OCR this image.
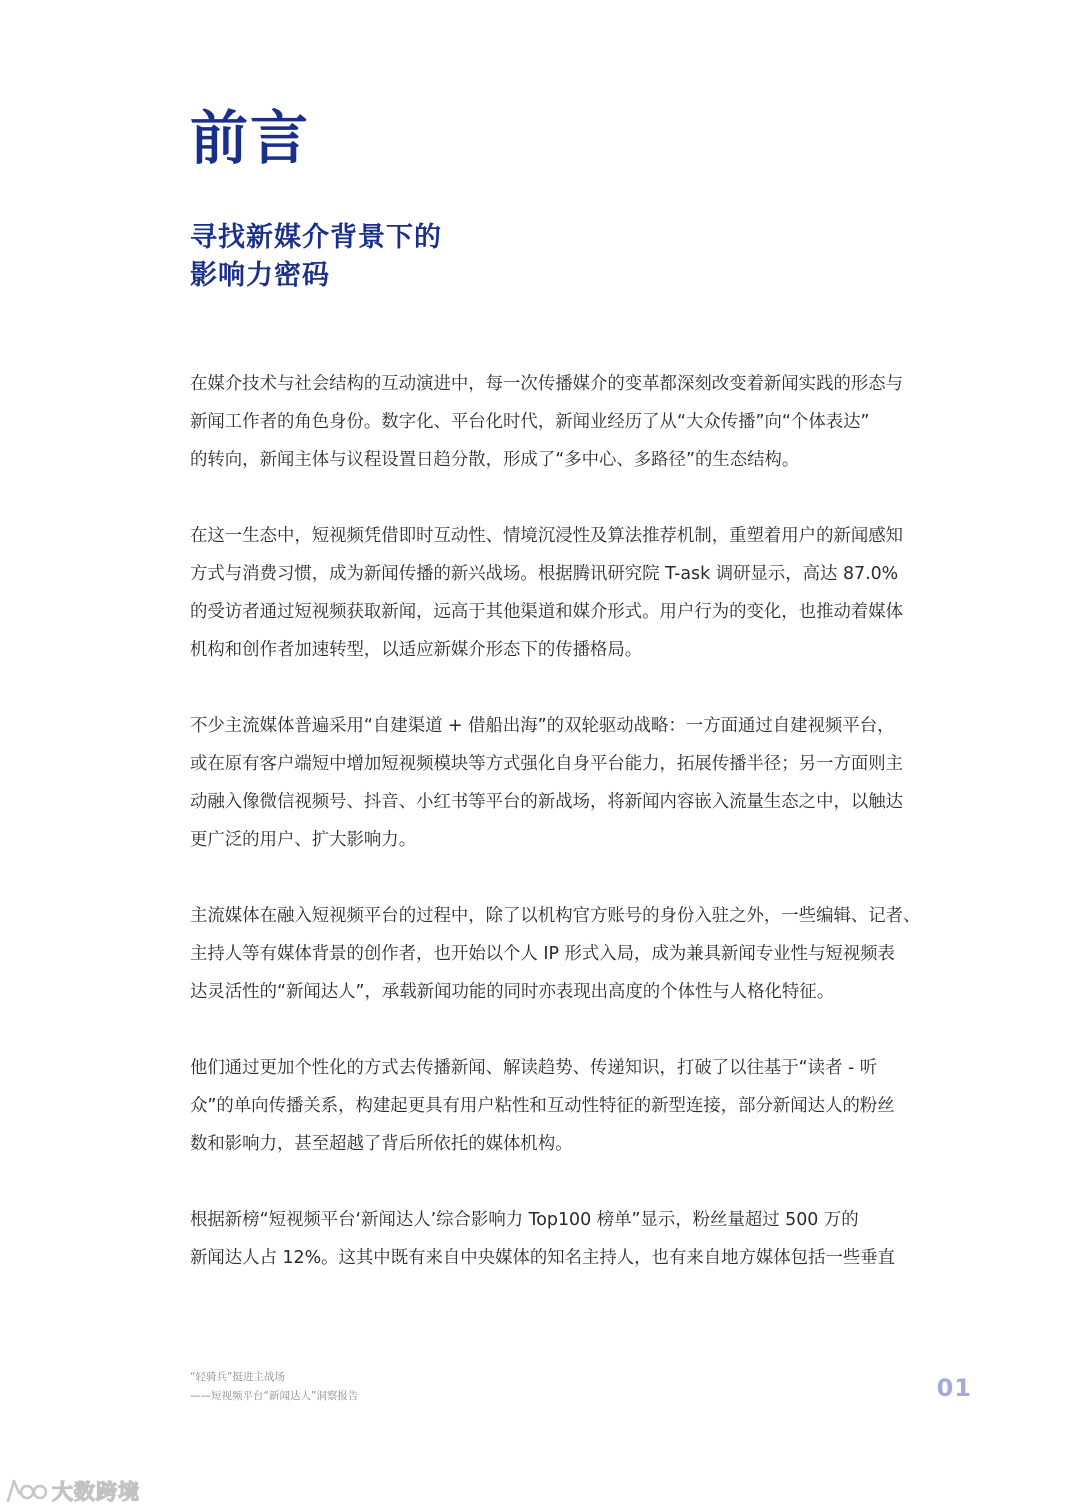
前言
寻找新媒介背景下的
影响力密码

在媒介技术与社会结构的互动演进中，每一次传播媒介的变革都深刻改变着新闻实践的形态与
新闻工作者的角色身份。数字化、平台化时代，新闻业经历了从“大众传播”向“个体表达”
的转向，新闻主体与议程设置日趋分散，形成了“多中心、多路径”的生态结构。

在这一生态中，短视频凭借即时互动性、情境沉浸性及算法推荐机制，重塑着用户的新闻感知
方式与消费习惯，成为新闻传播的新兴战场。根据腾讯研究院 T-ask 调研显示，高达 87.0%
的受访者通过短视频获取新闻，远高于其他渠道和媒介形式。用户行为的变化，也推动着媒体
机构和创作者加速转型，以适应新媒介形态下的传播格局。

不少主流媒体普遍采用“自建渠道 + 借船出海”的双轮驱动战略：一方面通过自建视频平台，
或在原有客户端短中增加短视频模块等方式强化自身平台能力，拓展传播半径；另一方面则主
动融入像微信视频号、抖音、小红书等平台的新战场，将新闻内容嵌入流量生态之中，以触达
更广泛的用户、扩大影响力。

主流媒体在融入短视频平台的过程中，除了以机构官方账号的身份入驻之外，一些编辑、记者、
主持人等有媒体背景的创作者，也开始以个人 IP 形式入局，成为兼具新闻专业性与短视频表
达灵活性的“新闻达人”，承载新闻功能的同时亦表现出高度的个体性与人格化特征。

他们通过更加个性化的方式去传播新闻、解读趋势、传递知识，打破了以往基于“读者 - 听
众”的单向传播关系，构建起更具有用户粘性和互动性特征的新型连接，部分新闻达人的粉丝
数和影响力，甚至超越了背后所依托的媒体机构。

根据新榜“短视频平台‘新闻达人’综合影响力 Top100 榜单”显示，粉丝量超过 500 万的
新闻达人占 12%。这其中既有来自中央媒体的知名主持人，也有来自地方媒体包括一些垂直

“轻骑兵”挺进主战场
——短视频平台“新闻达人”洞察报告	01
大数跨境
